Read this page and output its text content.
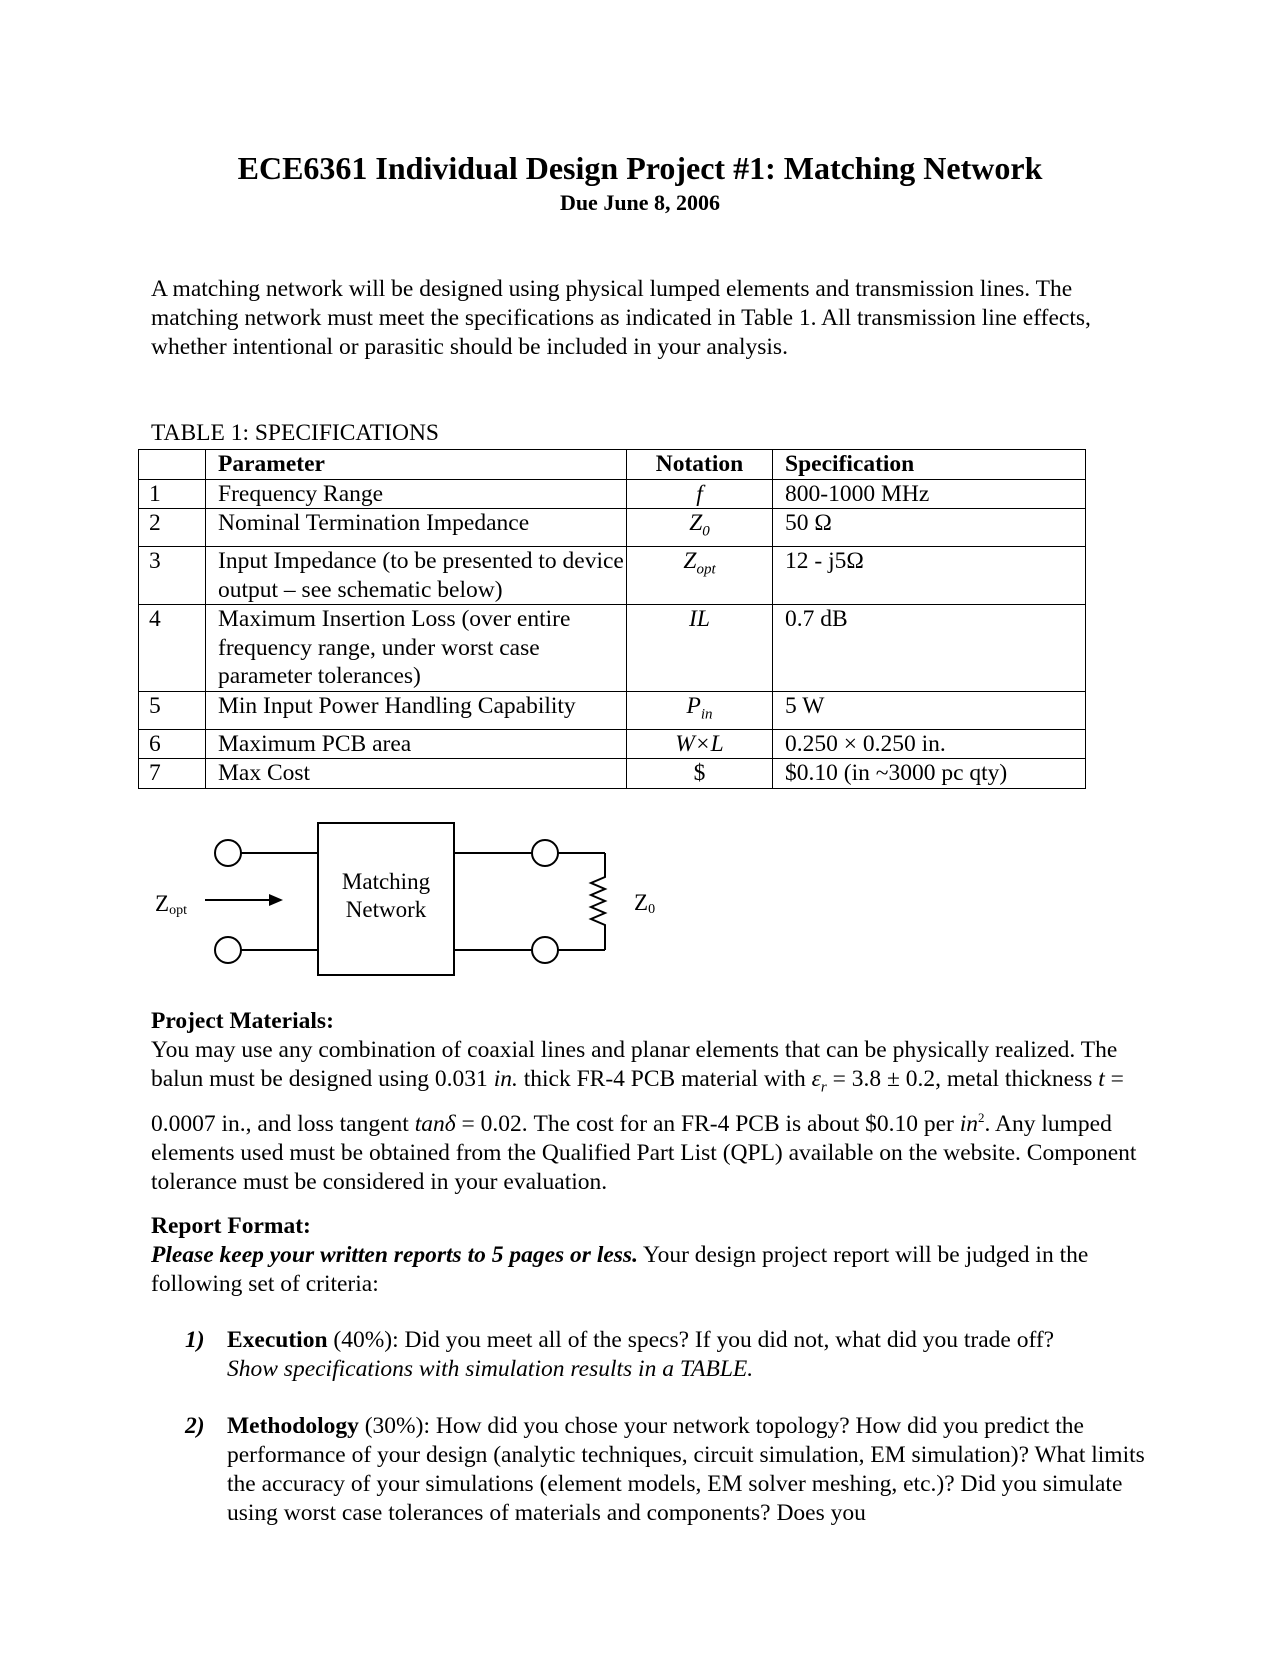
ECE6361 Individual Design Project #1: Matching Network
Due June 8, 2006
A matching network will be designed using physical lumped elements and transmission lines. The matching network must meet the specifications as indicated in Table 1. All transmission line effects, whether intentional or parasitic should be included in your analysis.
TABLE 1: SPECIFICATIONS
	Parameter	Notation	Specification
1	Frequency Range	f	800-1000 MHz
2	Nominal Termination Impedance	$Z_0$	50 Ω
3	Input Impedance (to be presented to device output – see schematic below)	$Z_{opt}$	12 - j5Ω
4	Maximum Insertion Loss (over entire frequency range, under worst case parameter tolerances)	IL	0.7 dB
5	Min Input Power Handling Capability	$P_{in}$	5 W
6	Maximum PCB area	W×L	0.250 × 0.250 in.
7	Max Cost	$	$0.10 (in ~3000 pc qty)
Matching
Network
Zopt	Z0
Project Materials:
You may use any combination of coaxial lines and planar elements that can be physically realized. The balun must be designed using 0.031 in. thick FR-4 PCB material with $\varepsilon_r = 3.8 \pm 0.2$, metal thickness t = 0.0007 in., and loss tangent tanδ = 0.02. The cost for an FR-4 PCB is about $0.10 per $in^2$. Any lumped elements used must be obtained from the Qualified Part List (QPL) available on the website. Component tolerance must be considered in your evaluation.
Report Format:
Please keep your written reports to 5 pages or less. Your design project report will be judged in the following set of criteria:
1) Execution (40%): Did you meet all of the specs? If you did not, what did you trade off?
Show specifications with simulation results in a TABLE.
2) Methodology (30%): How did you chose your network topology? How did you predict the performance of your design (analytic techniques, circuit simulation, EM simulation)? What limits the accuracy of your simulations (element models, EM solver meshing, etc.)? Did you simulate using worst case tolerances of materials and components? Does you
